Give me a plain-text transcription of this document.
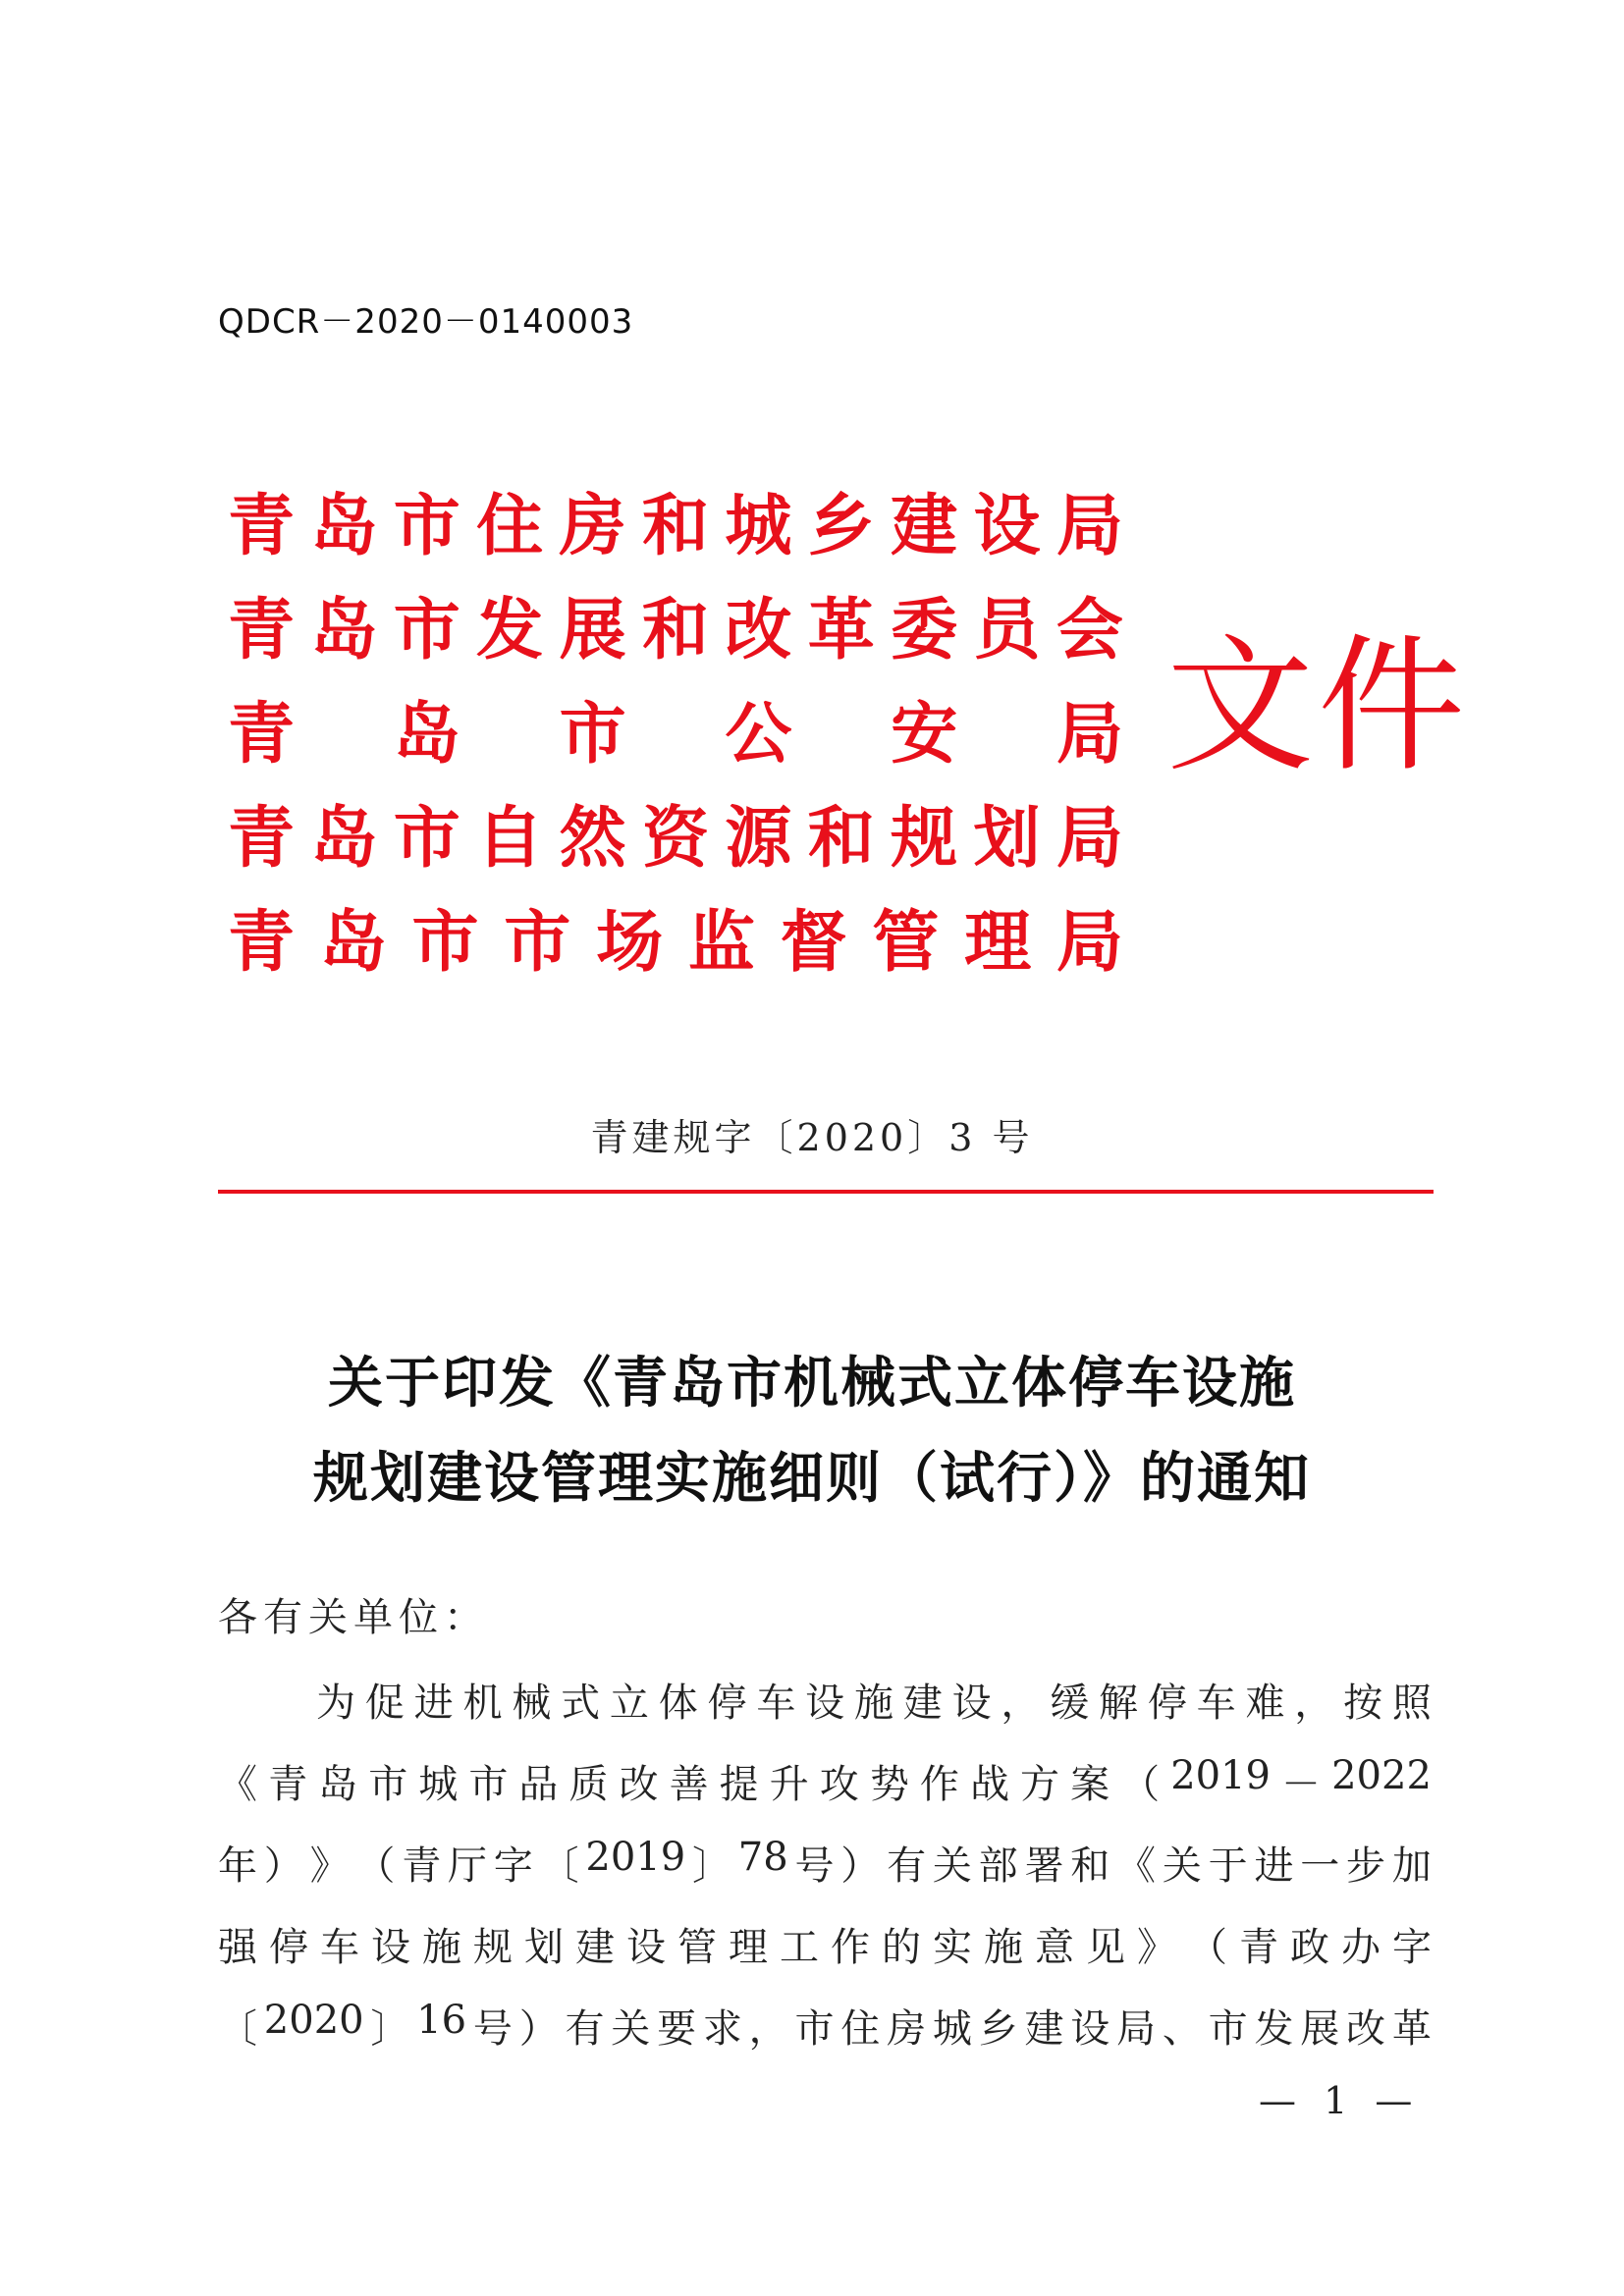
QDCR－2020－0140003
青 岛 市 住 房 和 城 乡 建 设 局
青 岛 市 发 展 和 改 革 委 员 会
青 岛 市 公 安 局
青 岛 市 自 然 资 源 和 规 划 局
青 岛 市 市 场 监 督 管 理 局
文件
青建规字〔2020〕3 号
关于印发《青岛市机械式立体停车设施
规划建设管理实施细则（试行）》的通知
各有关单位：
为 促 进 机 械 式 立 体 停 车 设 施 建 设 ， 缓 解 停 车 难 ， 按 照
《 青 岛 市 城 市 品 质 改 善 提 升 攻 势 作 战 方 案 （ 2019 － 2022
年 ） 》 （ 青 厅 字 〔 2019 〕 78 号 ） 有 关 部 署 和 《 关 于 进 一 步 加
强 停 车 设 施 规 划 建 设 管 理 工 作 的 实 施 意 见 》 （ 青 政 办 字
〔 2020 〕 16 号 ） 有 关 要 求 ， 市 住 房 城 乡 建 设 局 、 市 发 展 改 革
— 1 —
